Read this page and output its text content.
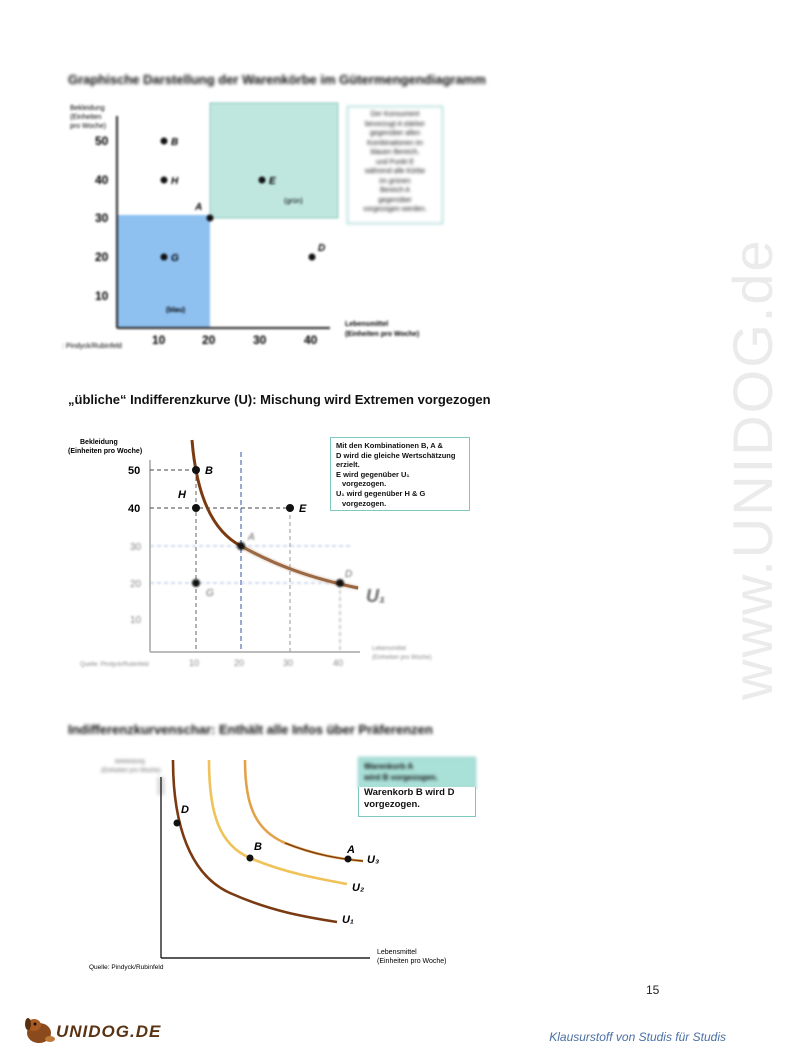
www.UNIDOG.de
Graphische Darstellung der Warenkörbe im Gütermengendiagramm
Bekleidung
(Einheiten
pro Woche)
50
40
30
20
10
10	20	30	40
Lebensmittel
(Einheiten pro Woche)
B
H
A
G
E
D
(blau)
(grün)
: Pindyck/Rubinfeld
Der Konsument
bevorzugt A stärker
gegenüber allen
Kombinationen im
blauen Bereich,
und Punkt E
während alle Körbe
im grünen
Bereich A
gegenüber
vorgezogen werden.
„übliche“ Indifferenzkurve (U): Mischung wird Extremen vorgezogen
Bekleidung
(Einheiten pro Woche)
50
40
30
20
10
10	20	30	40
Lebensmittel
(Einheiten pro Woche)
Quelle: Pindyck/Rubinfeld
B
H
E
A
G
D
U₁
Mit den Kombinationen B, A &
D wird die gleiche Wertschätzung
erzielt.
E wird gegenüber U₁
vorgezogen.
U₁ wird gegenüber H & G
vorgezogen.
Indifferenzkurvenschar: Enthält alle Infos über Präferenzen
Bekleidung
(Einheiten pro Woche)
D
B	A
U₃
U₂
U₁
Lebensmittel
(Einheiten pro Woche)
Quelle: Pindyck/Rubinfeld
Warenkorb A
wird B vorgezogen.
Warenkorb B wird D
vorgezogen.
15
UNIDOG.DE	Klausurstoff von Studis für Studis
